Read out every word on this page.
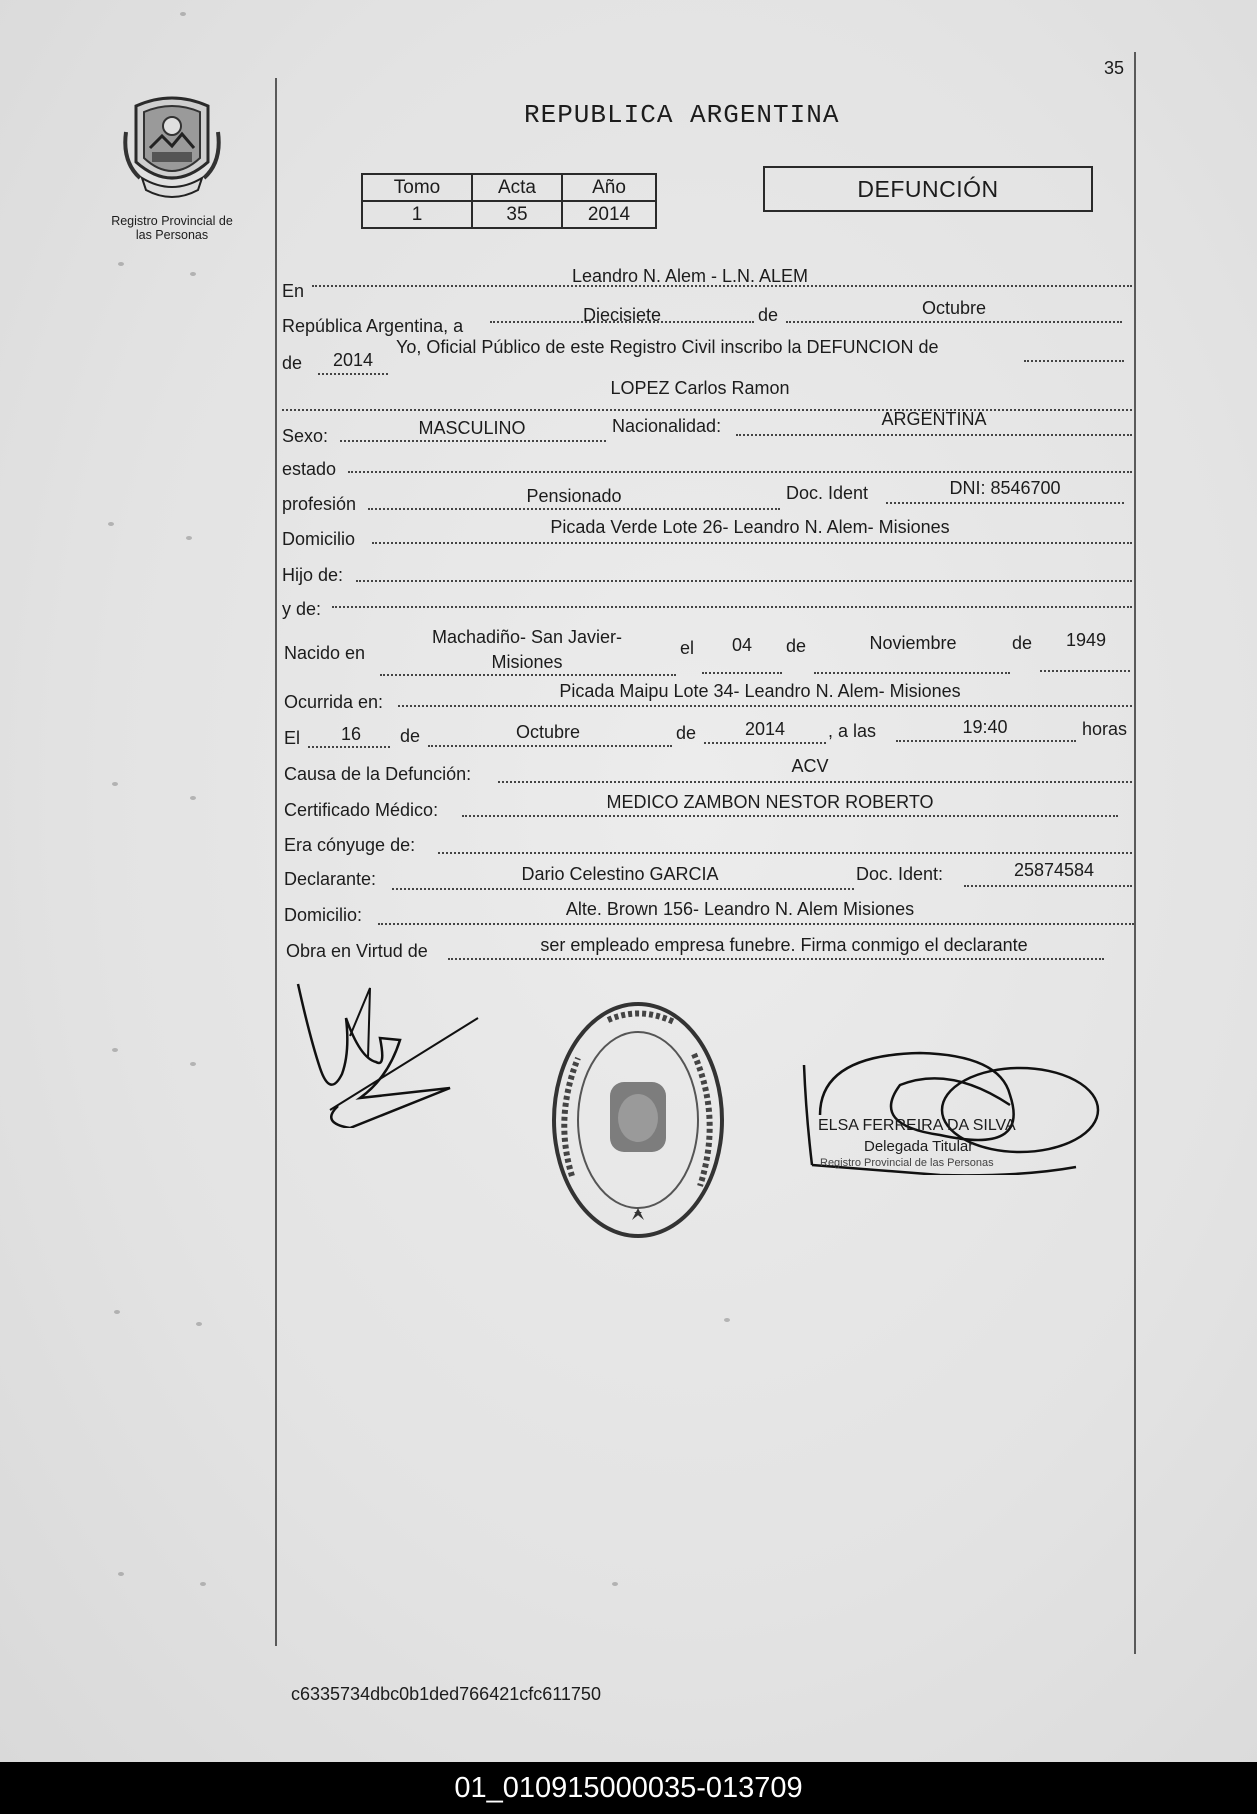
35
Registro Provincial de
las Personas
REPUBLICA ARGENTINA
Tomo	Acta	Año
1	35	2014
DEFUNCIÓN
En
Leandro N. Alem - L.N. ALEM
República Argentina, a
Diecisiete	de	Octubre
de	2014
Yo, Oficial Público de este Registro Civil inscribo la DEFUNCION de
LOPEZ Carlos Ramon
Sexo:	MASCULINO	Nacionalidad:	ARGENTINA
estado
profesión	Pensionado	Doc. Ident	DNI: 8546700
Domicilio
Picada Verde Lote 26- Leandro N. Alem- Misiones
Hijo de:
y de:
Nacido en
Machadiño- San Javier- Misiones
el	04	de	Noviembre	de	1949
Ocurrida en:
Picada Maipu Lote 34- Leandro N. Alem- Misiones
El	16	de	Octubre	de	2014	, a las	19:40	horas
Causa de la Defunción:	ACV
Certificado Médico:	MEDICO ZAMBON NESTOR ROBERTO
Era cónyuge de:
Declarante:	Dario Celestino GARCIA	Doc. Ident:	25874584
Domicilio:	Alte. Brown 156- Leandro N. Alem Misiones
Obra en Virtud de	ser empleado empresa funebre. Firma conmigo el declarante
ELSA FERREIRA DA SILVA
Delegada Titular
Registro Provincial de las Personas
c6335734dbc0b1ded766421cfc611750
01_010915000035-013709
